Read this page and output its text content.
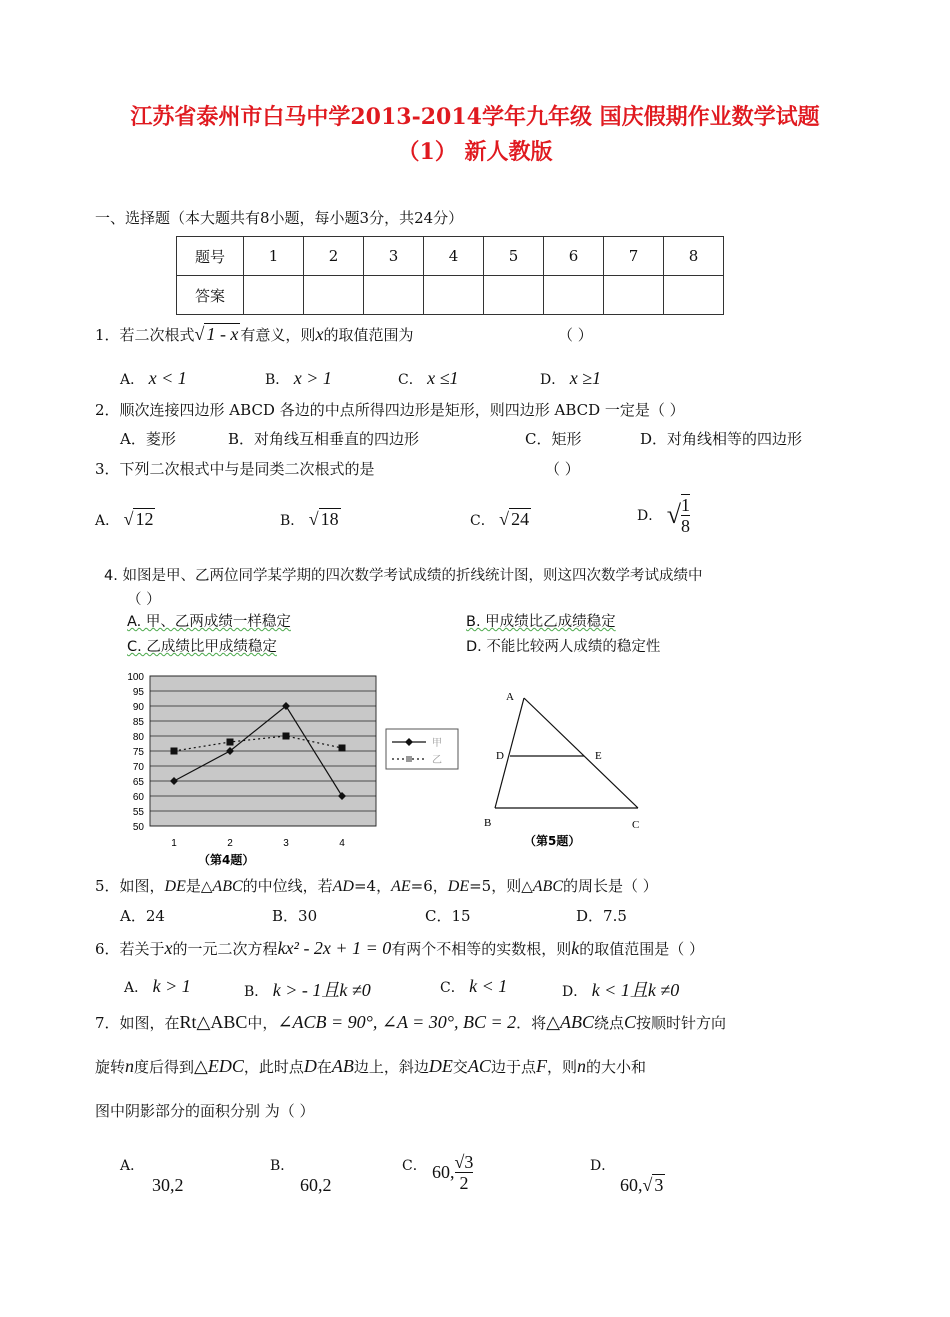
江苏省泰州市白马中学2013-2014学年九年级 国庆假期作业数学试题
（1） 新人教版
一、选择题（本大题共有8小题，每小题3分，共24分）
题号	1	2	3	4	5	6	7	8
答案								
1．若二次根式√ 1 - x 有意义，则x的取值范围为	（ ）
A． x < 1	B． x > 1	C． x ≤1	D． x ≥1
2．顺次连接四边形 ABCD 各边的中点所得四边形是矩形，则四边形 ABCD 一定是（ ）
A．菱形	B．对角线互相垂直的四边形	C．矩形	D．对角线相等的四边形
3．下列二次根式中与是同类二次根式的是	（ ）
A． √ 12	B． √ 18	C． √ 24	D． √ $\frac{1}{8}$
4. 如图是甲、乙两位同学某学期的四次数学考试成绩的折线统计图，则这四次数学考试成绩中
（ ）
A. 甲、乙两成绩一样稳定	B. 甲成绩比乙成绩稳定
C. 乙成绩比甲成绩稳定	D. 不能比较两人成绩的稳定性
50
55
60
65
70
75
80
85
90
95
100
1	2	3	4
甲
乙
（第4题）
A
D	E
B	C
（第5题）
5．如图，DE是△ABC的中位线，若AD=4，AE=6，DE=5，则△ABC的周长是（ ）
A．24	B．30	C．15	D．7.5
6．若关于x的一元二次方程kx² - 2x + 1 = 0有两个不相等的实数根，则k的取值范围是（ ）
A． k > 1	B． k > - 1且k ≠0	C． k < 1	D． k < 1且k ≠0
7．如图，在Rt△ABC中，∠ACB = 90°, ∠A = 30°, BC = 2．将△ABC绕点C按顺时针方向
旋转n度后得到△EDC，此时点D在AB边上，斜边DE交AC边于点F，则n的大小和
图中阴影部分的面积分别 为（ ）
A．
30,2
B．
60,2
C． 60, $\frac{√3}{2}$	D．
60,√ 3
